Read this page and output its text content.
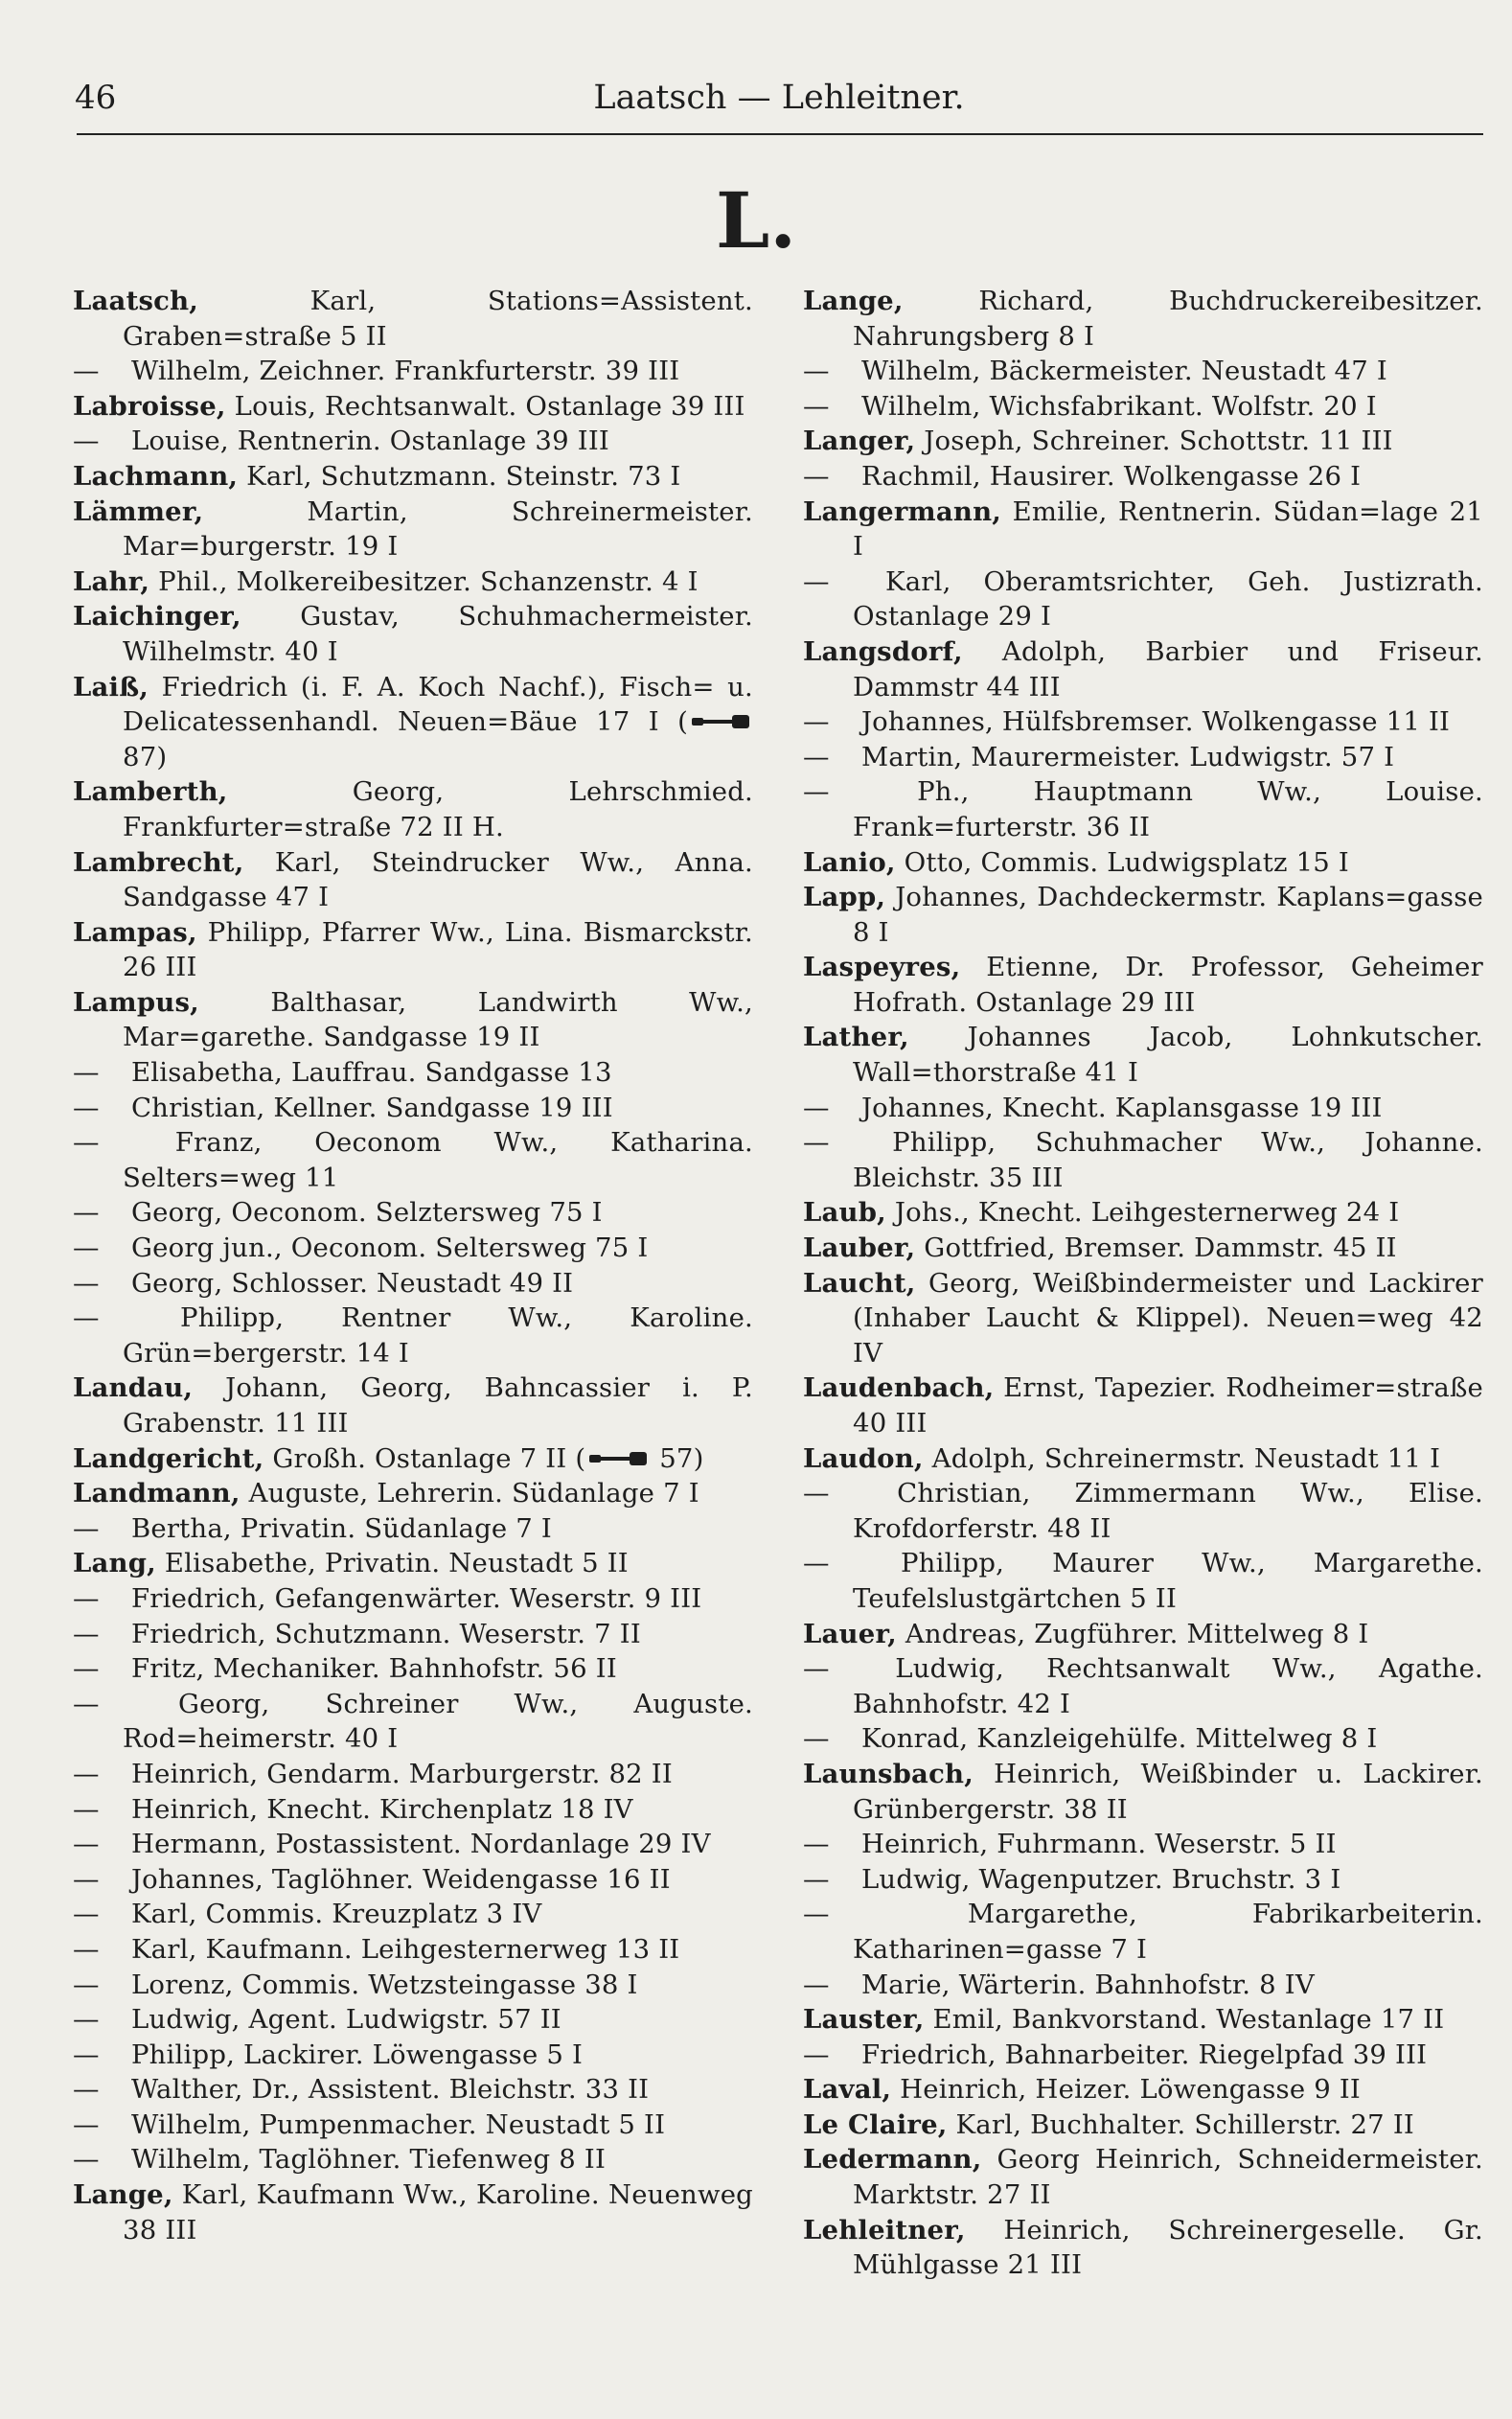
46	Laatsch — Lehleitner.
L.
Laatsch, Karl, Stations=Assistent. Graben=straße 5 II
— Wilhelm, Zeichner. Frankfurterstr. 39 III
Labroisse, Louis, Rechtsanwalt. Ostanlage 39 III
— Louise, Rentnerin. Ostanlage 39 III
Lachmann, Karl, Schutzmann. Steinstr. 73 I
Lämmer, Martin, Schreinermeister. Mar=burgerstr. 19 I
Lahr, Phil., Molkereibesitzer. Schanzenstr. 4 I
Laichinger, Gustav, Schuhmachermeister. Wilhelmstr. 40 I
Laiß, Friedrich (i. F. A. Koch Nachf.), Fisch= u. Delicatessenhandl. Neuen=Bäue 17 I ( 87)
Lamberth, Georg, Lehrschmied. Frankfurter=straße 72 II H.
Lambrecht, Karl, Steindrucker Ww., Anna. Sandgasse 47 I
Lampas, Philipp, Pfarrer Ww., Lina. Bismarckstr. 26 III
Lampus, Balthasar, Landwirth Ww., Mar=garethe. Sandgasse 19 II
— Elisabetha, Lauffrau. Sandgasse 13
— Christian, Kellner. Sandgasse 19 III
— Franz, Oeconom Ww., Katharina. Selters=weg 11
— Georg, Oeconom. Selztersweg 75 I
— Georg jun., Oeconom. Seltersweg 75 I
— Georg, Schlosser. Neustadt 49 II
— Philipp, Rentner Ww., Karoline. Grün=bergerstr. 14 I
Landau, Johann, Georg, Bahncassier i. P. Grabenstr. 11 III
Landgericht, Großh. Ostanlage 7 II ( 57)
Landmann, Auguste, Lehrerin. Südanlage 7 I
— Bertha, Privatin. Südanlage 7 I
Lang, Elisabethe, Privatin. Neustadt 5 II
— Friedrich, Gefangenwärter. Weserstr. 9 III
— Friedrich, Schutzmann. Weserstr. 7 II
— Fritz, Mechaniker. Bahnhofstr. 56 II
— Georg, Schreiner Ww., Auguste. Rod=heimerstr. 40 I
— Heinrich, Gendarm. Marburgerstr. 82 II
— Heinrich, Knecht. Kirchenplatz 18 IV
— Hermann, Postassistent. Nordanlage 29 IV
— Johannes, Taglöhner. Weidengasse 16 II
— Karl, Commis. Kreuzplatz 3 IV
— Karl, Kaufmann. Leihgesternerweg 13 II
— Lorenz, Commis. Wetzsteingasse 38 I
— Ludwig, Agent. Ludwigstr. 57 II
— Philipp, Lackirer. Löwengasse 5 I
— Walther, Dr., Assistent. Bleichstr. 33 II
— Wilhelm, Pumpenmacher. Neustadt 5 II
— Wilhelm, Taglöhner. Tiefenweg 8 II
Lange, Karl, Kaufmann Ww., Karoline. Neuenweg 38 III
Lange, Richard, Buchdruckereibesitzer. Nahrungsberg 8 I
— Wilhelm, Bäckermeister. Neustadt 47 I
— Wilhelm, Wichsfabrikant. Wolfstr. 20 I
Langer, Joseph, Schreiner. Schottstr. 11 III
— Rachmil, Hausirer. Wolkengasse 26 I
Langermann, Emilie, Rentnerin. Südan=lage 21 I
— Karl, Oberamtsrichter, Geh. Justizrath. Ostanlage 29 I
Langsdorf, Adolph, Barbier und Friseur. Dammstr 44 III
— Johannes, Hülfsbremser. Wolkengasse 11 II
— Martin, Maurermeister. Ludwigstr. 57 I
— Ph., Hauptmann Ww., Louise. Frank=furterstr. 36 II
Lanio, Otto, Commis. Ludwigsplatz 15 I
Lapp, Johannes, Dachdeckermstr. Kaplans=gasse 8 I
Laspeyres, Etienne, Dr. Professor, Geheimer Hofrath. Ostanlage 29 III
Lather, Johannes Jacob, Lohnkutscher. Wall=thorstraße 41 I
— Johannes, Knecht. Kaplansgasse 19 III
— Philipp, Schuhmacher Ww., Johanne. Bleichstr. 35 III
Laub, Johs., Knecht. Leihgesternerweg 24 I
Lauber, Gottfried, Bremser. Dammstr. 45 II
Laucht, Georg, Weißbindermeister und Lackirer (Inhaber Laucht & Klippel). Neuen=weg 42 IV
Laudenbach, Ernst, Tapezier. Rodheimer=straße 40 III
Laudon, Adolph, Schreinermstr. Neustadt 11 I
— Christian, Zimmermann Ww., Elise. Krofdorferstr. 48 II
— Philipp, Maurer Ww., Margarethe. Teufelslustgärtchen 5 II
Lauer, Andreas, Zugführer. Mittelweg 8 I
— Ludwig, Rechtsanwalt Ww., Agathe. Bahnhofstr. 42 I
— Konrad, Kanzleigehülfe. Mittelweg 8 I
Launsbach, Heinrich, Weißbinder u. Lackirer. Grünbergerstr. 38 II
— Heinrich, Fuhrmann. Weserstr. 5 II
— Ludwig, Wagenputzer. Bruchstr. 3 I
— Margarethe, Fabrikarbeiterin. Katharinen=gasse 7 I
— Marie, Wärterin. Bahnhofstr. 8 IV
Lauster, Emil, Bankvorstand. Westanlage 17 II
— Friedrich, Bahnarbeiter. Riegelpfad 39 III
Laval, Heinrich, Heizer. Löwengasse 9 II
Le Claire, Karl, Buchhalter. Schillerstr. 27 II
Ledermann, Georg Heinrich, Schneidermeister. Marktstr. 27 II
Lehleitner, Heinrich, Schreinergeselle. Gr. Mühlgasse 21 III
